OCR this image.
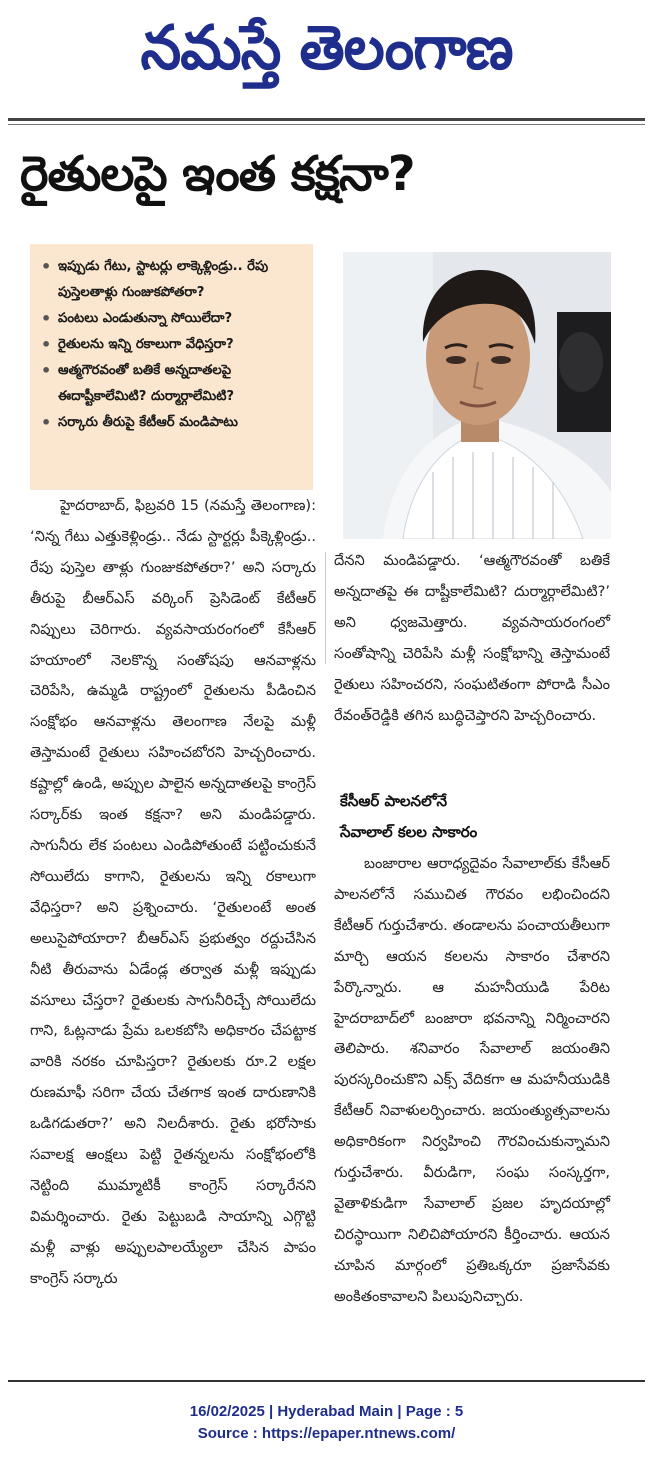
నమస్తే తెలంగాణ
రైతులపై ఇంత కక్షనా?
• ఇప్పుడు గేటు, స్టాటర్లు లాక్కెళ్లిండ్రు.. రేపు పుస్తెలతాళ్లు గుంజుకపోతరా?
• పంటలు ఎండుతున్నా సోయిలేదా?
• రైతులను ఇన్ని రకాలుగా వేధిస్తరా?
• ఆత్మగౌరవంతో బతికే అన్నదాతలపై ఈదాష్టీకాలేమిటి? దుర్మార్గాలేమిటి?
• సర్కారు తీరుపై కేటీఆర్ మండిపాటు

హైదరాబాద్, ఫిబ్రవరి 15 (నమస్తే తెలంగాణ): ‘నిన్న గేటు ఎత్తుకెళ్లిండ్రు.. నేడు స్టార్టర్లు పీక్కెళ్లిండ్రు.. రేపు పుస్తెల తాళ్లు గుంజుకపోతరా?’ అని సర్కారు తీరుపై బీఆర్ఎస్ వర్కింగ్ ప్రెసిడెంట్ కేటీఆర్ నిప్పులు చెరిగారు. వ్యవసాయరంగంలో కేసీఆర్ హయాంలో నెలకొన్న సంతోషపు ఆనవాళ్లను చెరిపేసి, ఉమ్మడి రాష్ట్రంలో రైతులను పీడించిన సంక్షోభం ఆనవాళ్లను తెలంగాణ నేలపై మళ్లీ తెస్తామంటే రైతులు సహించబోరని హెచ్చరించారు. కష్టాల్లో ఉండి, అప్పుల పాలైన అన్నదాతలపై కాంగ్రెస్ సర్కార్‌కు ఇంత కక్షనా? అని మండిపడ్డారు. సాగునీరు లేక పంటలు ఎండిపోతుంటే పట్టించుకునే సోయిలేదు కాగాని, రైతులను ఇన్ని రకాలుగా వేధిస్తరా? అని ప్రశ్నించారు. ‘రైతులంటే అంత అలుసైపోయారా? బీఆర్ఎస్ ప్రభుత్వం రద్దుచేసిన నీటి తీరువాను ఏడేండ్ల తర్వాత మళ్లీ ఇప్పుడు వసూలు చేస్తరా? రైతులకు సాగునీరిచ్చే సోయిలేదు గాని, ఓట్లనాడు ప్రేమ ఒలకబోసి అధికారం చేపట్టాక వారికి నరకం చూపిస్తరా? రైతులకు రూ.2 లక్షల రుణమాఫీ సరిగా చేయ చేతగాక ఇంత దారుణానికి ఒడిగడుతరా?’ అని నిలదీశారు. రైతు భరోసాకు సవాలక్ష ఆంక్షలు పెట్టి రైతన్నలను సంక్షోభంలోకి నెట్టింది ముమ్మాటికీ కాంగ్రెస్ సర్కారేనని విమర్శించారు. రైతు పెట్టుబడి సాయాన్ని ఎగ్గొట్టి మళ్లీ వాళ్లు అప్పులపాలయ్యేలా చేసిన పాపం కాంగ్రెస్ సర్కారు

దేనని మండిపడ్డారు. ‘ఆత్మగౌరవంతో బతికే అన్నదాతపై ఈ దాష్టీకాలేమిటి? దుర్మార్గాలేమిటి?’ అని ధ్వజమెత్తారు. వ్యవసాయరంగంలో సంతోషాన్ని చెరిపేసి మళ్లీ సంక్షోభాన్ని తెస్తామంటే రైతులు సహించరని, సంఘటితంగా పోరాడి సీఎం రేవంత్‌రెడ్డికి తగిన బుద్ధిచెప్తారని హెచ్చరించారు.

కేసీఆర్ పాలనలోనే
సేవాలాల్ కలల సాకారం

బంజారాల ఆరాధ్యదైవం సేవాలాల్‌కు కేసీఆర్ పాలనలోనే సముచిత గౌరవం లభించిందని కేటీఆర్ గుర్తుచేశారు. తండాలను పంచాయతీలుగా మార్చి ఆయన కలలను సాకారం చేశారని పేర్కొన్నారు. ఆ మహనీయుడి పేరిట హైదరాబాద్‌లో బంజారా భవనాన్ని నిర్మించారని తెలిపారు. శనివారం సేవాలాల్ జయంతిని పురస్కరించుకొని ఎక్స్ వేదికగా ఆ మహనీయుడికి కేటీఆర్ నివాళులర్పించారు. జయంత్యుత్సవాలను అధికారికంగా నిర్వహించి గౌరవించుకున్నామని గుర్తుచేశారు. వీరుడిగా, సంఘ సంస్కర్తగా, వైతాళికుడిగా సేవాలాల్ ప్రజల హృదయాల్లో చిరస్థాయిగా నిలిచిపోయారని కీర్తించారు. ఆయన చూపిన మార్గంలో ప్రతిఒక్కరూ ప్రజాసేవకు అంకితంకావాలని పిలుపునిచ్చారు.

16/02/2025 | Hyderabad Main | Page : 5
Source : https://epaper.ntnews.com/
